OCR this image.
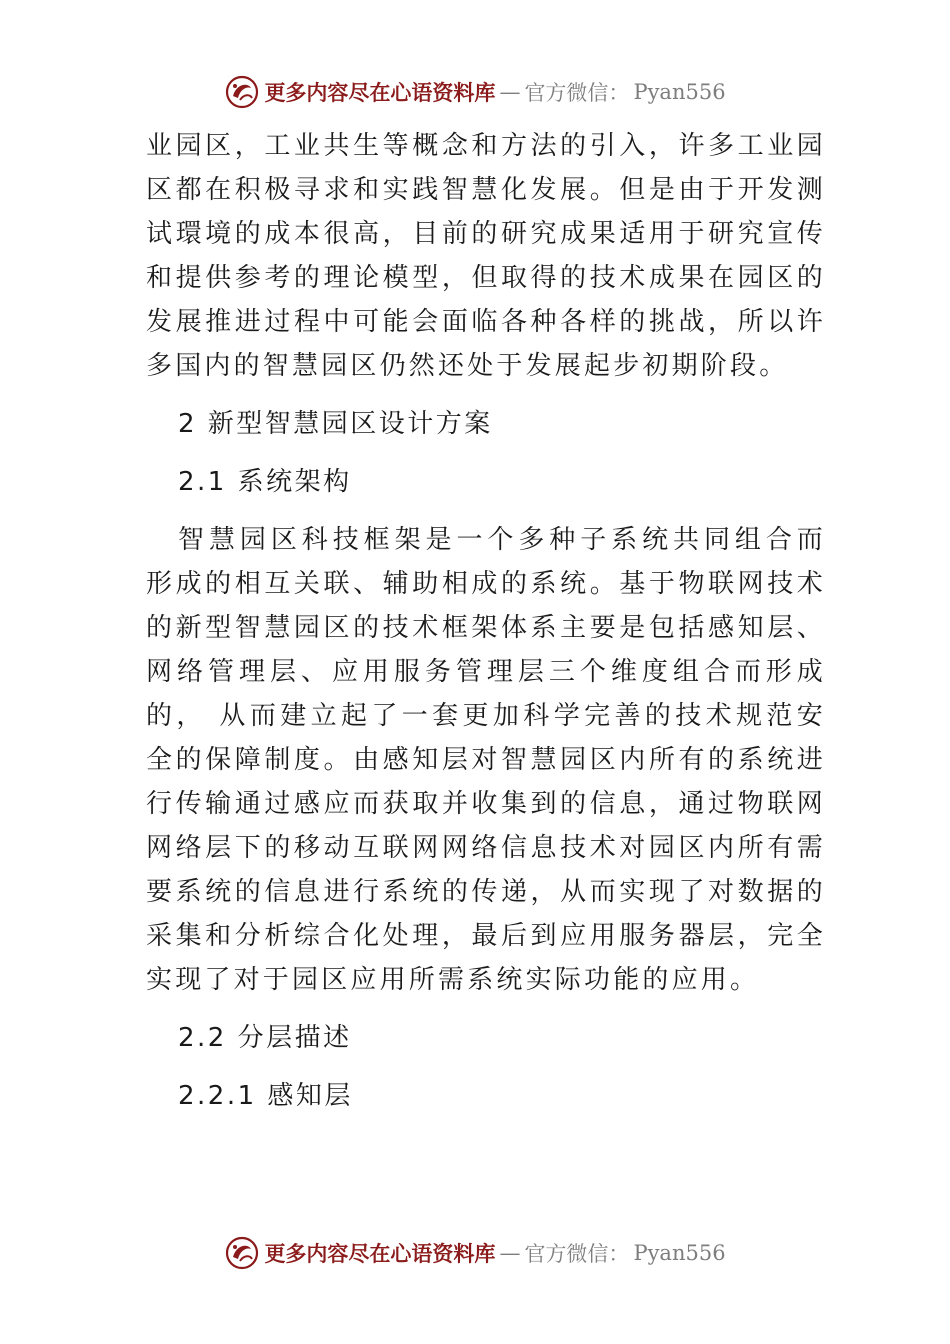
更多内容尽在心语资料库 — 官方微信： Pyan556

业园区，工业共生等概念和方法的引入，许多工业园区都在积极寻求和实践智慧化发展。但是由于开发测试環境的成本很高，目前的研究成果适用于研究宣传和提供参考的理论模型，但取得的技术成果在园区的发展推进过程中可能会面临各种各样的挑战，所以许多国内的智慧园区仍然还处于发展起步初期阶段。

2 新型智慧园区设计方案

2.1 系统架构

智慧园区科技框架是一个多种子系统共同组合而 形成的相互关联、辅助相成的系统。基于物联网技术的新型智慧园区的技术框架体系主要是包括感知层、网络管理层、应用服务管理层三个维度组合而形成的， 从而建立起了一套更加科学完善的技术规范安全的保障制度。由感知层对智慧园区内所有的系统进行传输通过感应而获取并收集到的信息，通过物联网网络层下的移动互联网网络信息技术对园区内所有需要系统的信息进行系统的传递，从而实现了对数据的采集和分析综合化处理，最后到应用服务器层，完全实现了对于园区应用所需系统实际功能的应用。

2.2 分层描述

2.2.1 感知层

更多内容尽在心语资料库 — 官方微信： Pyan556
